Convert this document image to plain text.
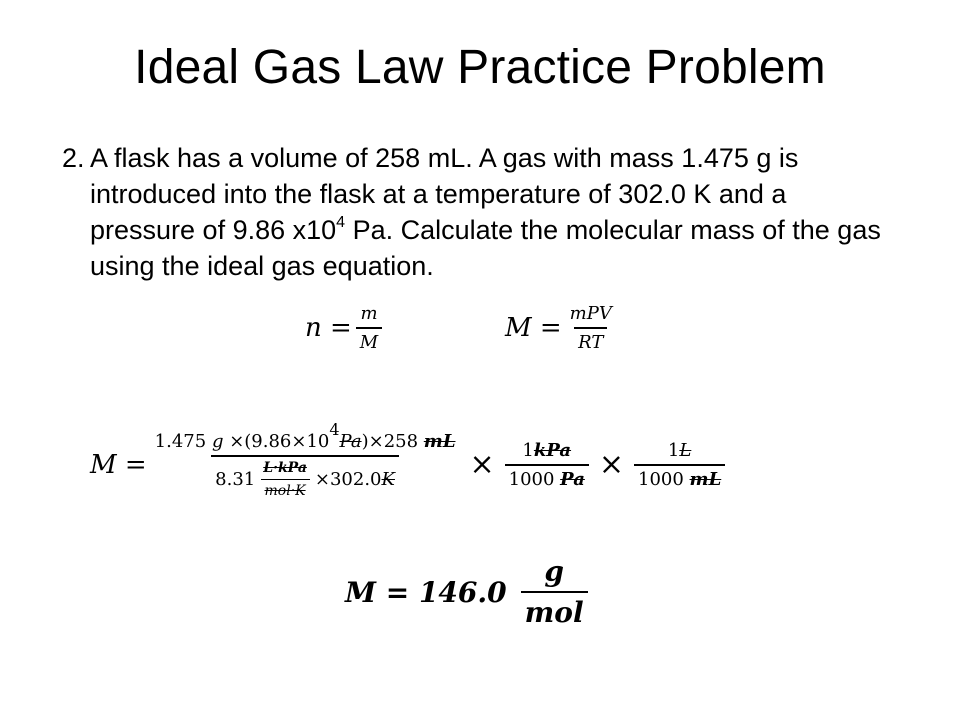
Ideal Gas Law Practice Problem
2. A flask has a volume of 258 mL. A gas with mass 1.475 g is introduced into the flask at a temperature of 302.0 K and a pressure of 9.86 $x10^4$ Pa. Calculate the molecular mass of the gas using the ideal gas equation.
$n = \frac{m}{M}$	$M = \frac{\text{mPV}}{RT}$
M =
1.475 $g \times(9.86\times 10^4Pa)\times 258$ mL
$8.31 \frac{\text{L·kPa}}{\text{mol·K}} \times 302.0$ $K \times \frac{\text{1kPa}}{1000 Pa} \times \frac{1L}{1000 mL}$
$M = 146.0 \frac{g}{\text{mol}}$
